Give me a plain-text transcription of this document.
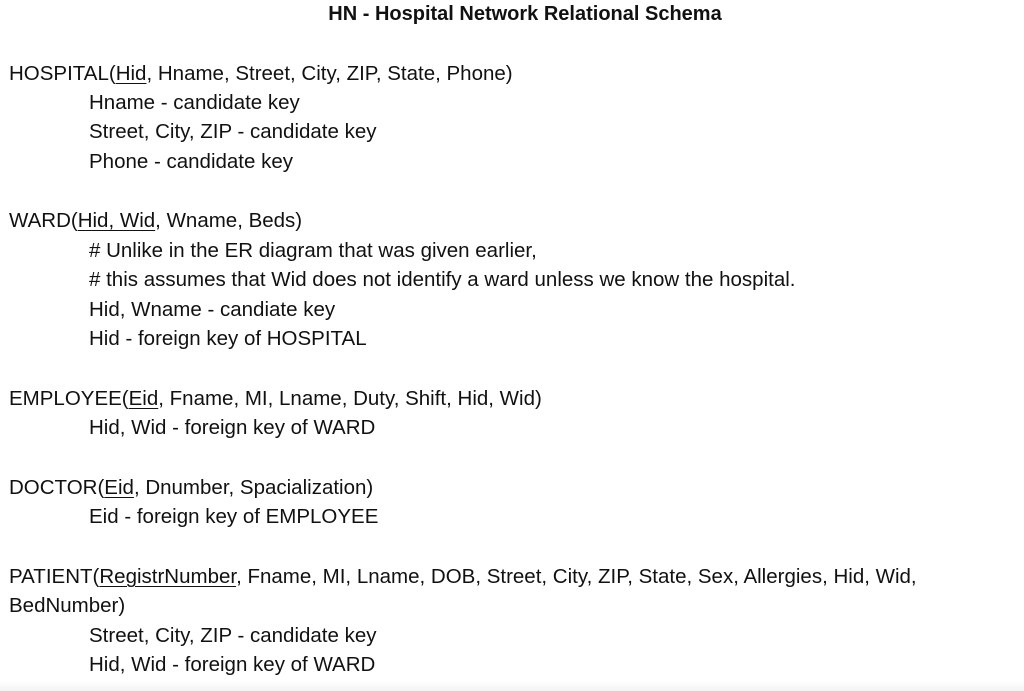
HN - Hospital Network Relational Schema
HOSPITAL(Hid, Hname, Street, City, ZIP, State, Phone)
Hname - candidate key
Street, City, ZIP - candidate key
Phone - candidate key
WARD(Hid, Wid, Wname, Beds)
# Unlike in the ER diagram that was given earlier,
# this assumes that Wid does not identify a ward unless we know the hospital.
Hid, Wname - candiate key
Hid - foreign key of HOSPITAL
EMPLOYEE(Eid, Fname, MI, Lname, Duty, Shift, Hid, Wid)
Hid, Wid - foreign key of WARD
DOCTOR(Eid, Dnumber, Spacialization)
Eid - foreign key of EMPLOYEE
PATIENT(RegistrNumber, Fname, MI, Lname, DOB, Street, City, ZIP, State, Sex, Allergies, Hid, Wid,
BedNumber)
Street, City, ZIP - candidate key
Hid, Wid - foreign key of WARD
